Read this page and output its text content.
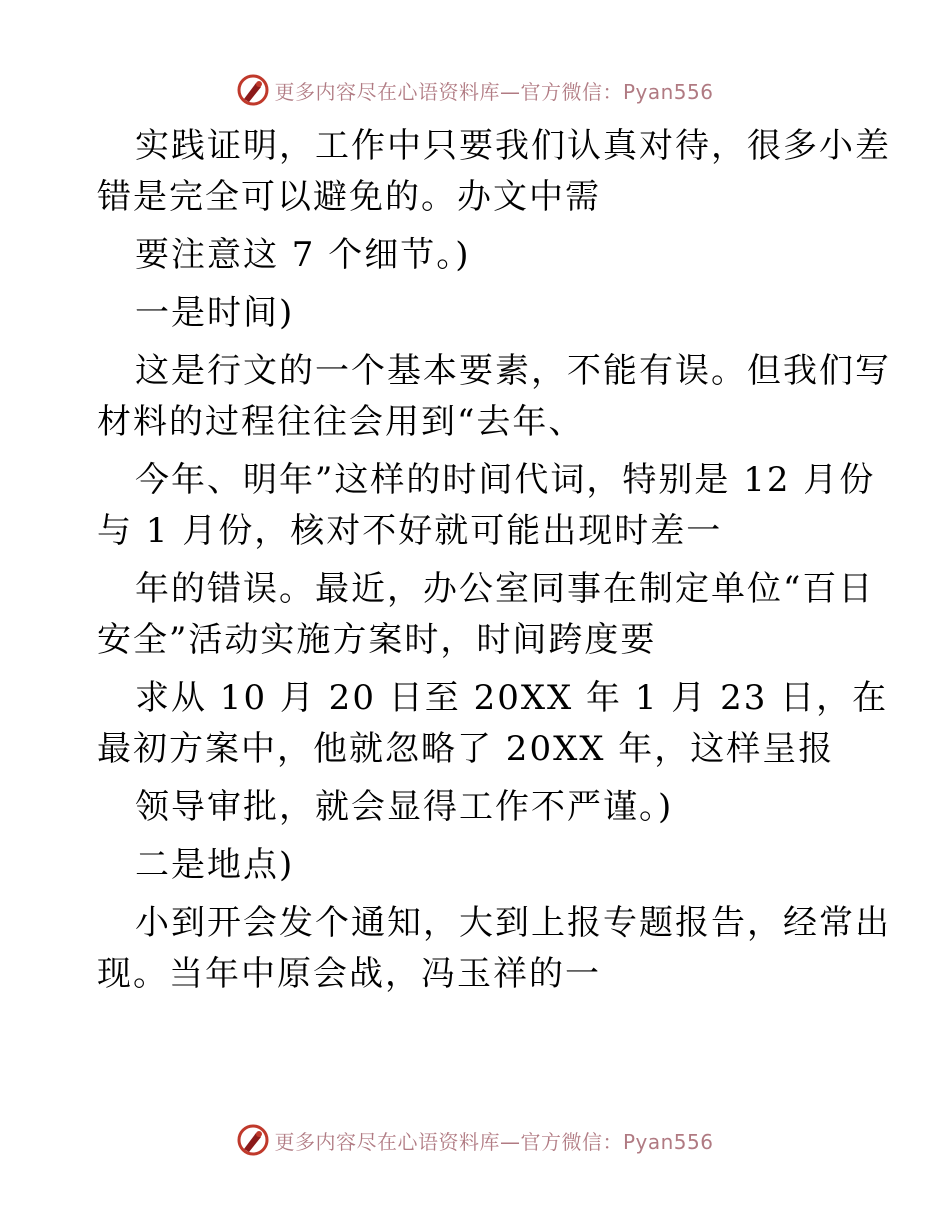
更多内容尽在心语资料库—官方微信：Pyan556
实践证明，工作中只要我们认真对待，很多小差
错是完全可以避免的。办文中需
要注意这 7 个细节。)
一是时间)
这是行文的一个基本要素，不能有误。但我们写
材料的过程往往会用到“去年、
今年、明年”这样的时间代词，特别是 12 月份
与 1 月份，核对不好就可能出现时差一
年的错误。最近，办公室同事在制定单位“百日
安全”活动实施方案时，时间跨度要
求从 10 月 20 日至 20XX 年 1 月 23 日，在
最初方案中，他就忽略了 20XX 年，这样呈报
领导审批，就会显得工作不严谨。)
二是地点)
小到开会发个通知，大到上报专题报告，经常出
现。当年中原会战，冯玉祥的一
更多内容尽在心语资料库—官方微信：Pyan556
